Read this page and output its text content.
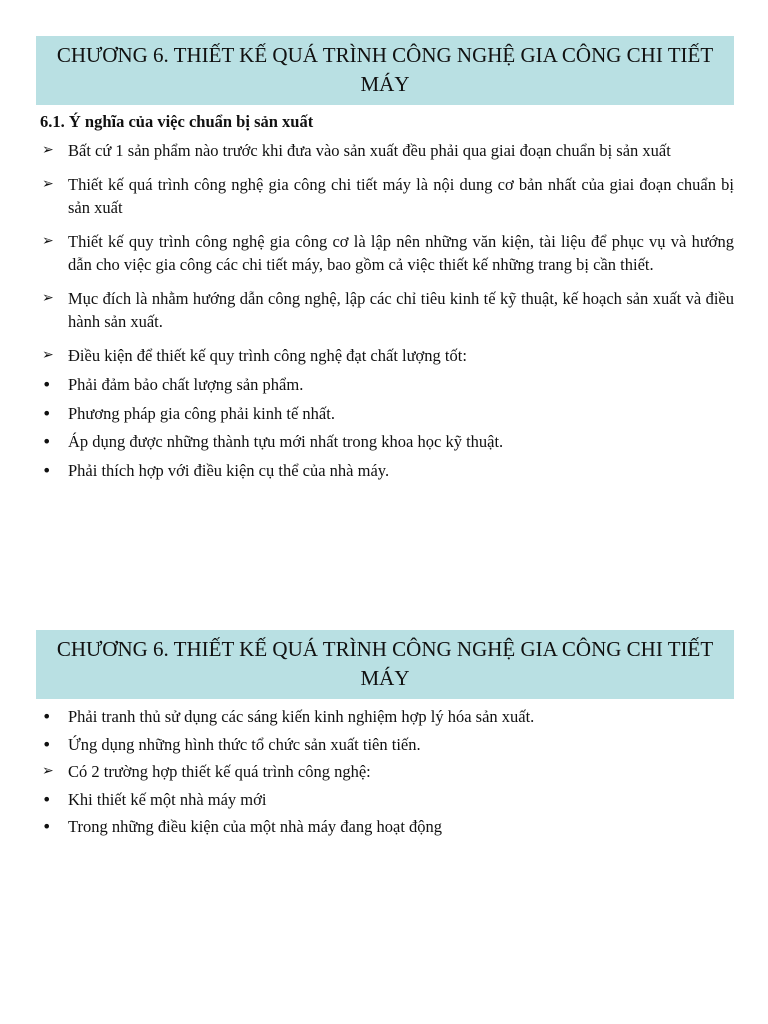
CHƯƠNG 6. THIẾT KẾ QUÁ TRÌNH CÔNG NGHỆ GIA CÔNG CHI TIẾT MÁY
6.1. Ý nghĩa của việc chuẩn bị sản xuất
➢ Bất cứ 1 sản phẩm nào trước khi đưa vào sản xuất đều phải qua giai đoạn chuẩn bị sản xuất
➢ Thiết kế quá trình công nghệ gia công chi tiết máy là nội dung cơ bản nhất của giai đoạn chuẩn bị sản xuất
➢ Thiết kế quy trình công nghệ gia công cơ là lập nên những văn kiện, tài liệu để phục vụ và hướng dẫn cho việc gia công các chi tiết máy, bao gồm cả việc thiết kế những trang bị cần thiết.
➢ Mục đích là nhằm hướng dẫn công nghệ, lập các chỉ tiêu kinh tế kỹ thuật, kế hoạch sản xuất và điều hành sản xuất.
➢ Điều kiện để thiết kế quy trình công nghệ đạt chất lượng tốt:
• Phải đảm bảo chất lượng sản phẩm.
• Phương pháp gia công phải kinh tế nhất.
• Áp dụng được những thành tựu mới nhất trong khoa học kỹ thuật.
• Phải thích hợp với điều kiện cụ thể của nhà máy.
CHƯƠNG 6. THIẾT KẾ QUÁ TRÌNH CÔNG NGHỆ GIA CÔNG CHI TIẾT MÁY
• Phải tranh thủ sử dụng các sáng kiến kinh nghiệm hợp lý hóa sản xuất.
• Ứng dụng những hình thức tổ chức sản xuất tiên tiến.
➢ Có 2 trường hợp thiết kế quá trình công nghệ:
• Khi thiết kế một nhà máy mới
• Trong những điều kiện của một nhà máy đang hoạt động
